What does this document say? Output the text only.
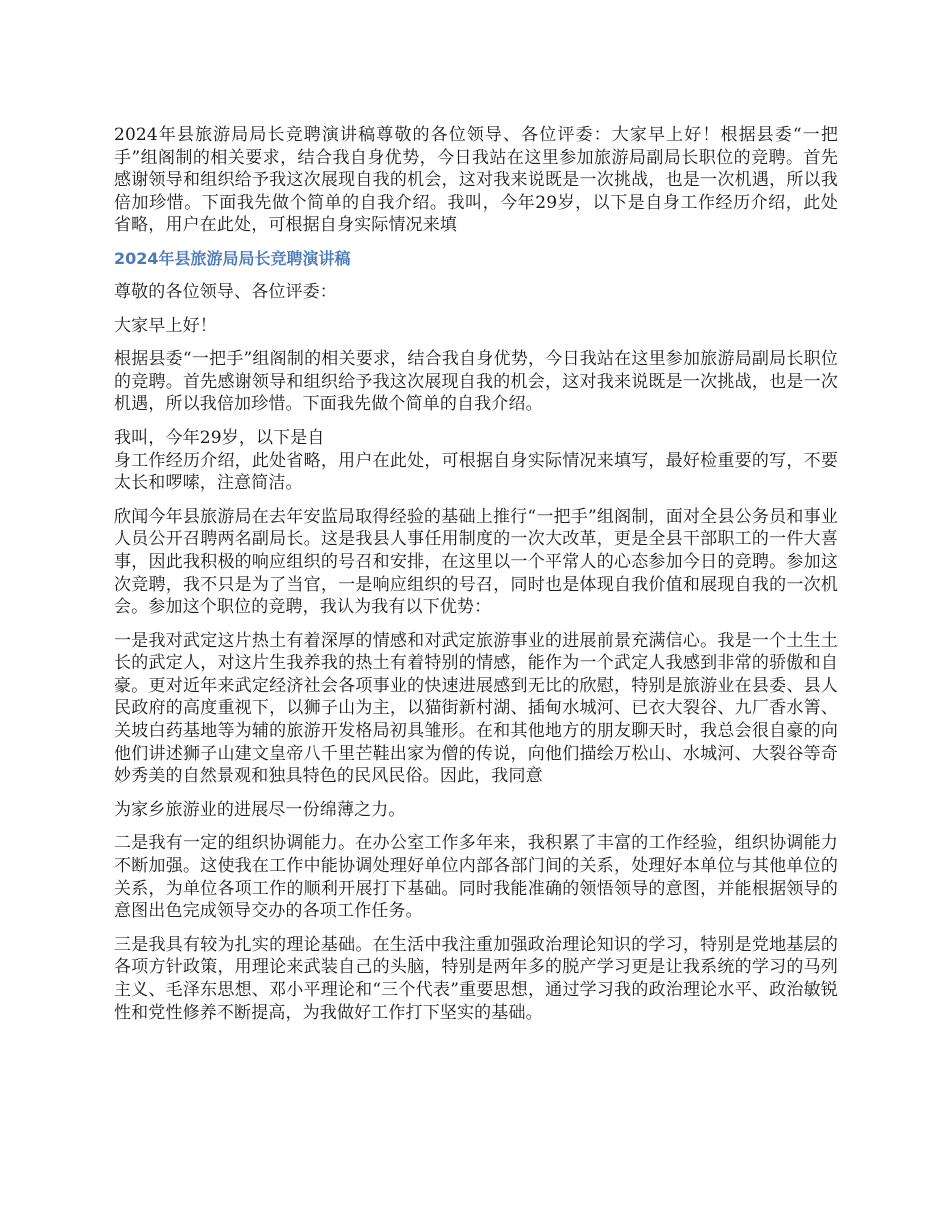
2024年县旅游局局长竞聘演讲稿尊敬的各位领导、各位评委：大家早上好！根据县委“一把手”组阁制的相关要求，结合我自身优势，今日我站在这里参加旅游局副局长职位的竞聘。首先感谢领导和组织给予我这次展现自我的机会，这对我来说既是一次挑战，也是一次机遇，所以我倍加珍惜。下面我先做个简单的自我介绍。我叫，今年29岁，以下是自身工作经历介绍，此处省略，用户在此处，可根据自身实际情况来填

2024年县旅游局局长竞聘演讲稿

尊敬的各位领导、各位评委：

大家早上好！

根据县委“一把手”组阁制的相关要求，结合我自身优势，今日我站在这里参加旅游局副局长职位的竞聘。首先感谢领导和组织给予我这次展现自我的机会，这对我来说既是一次挑战，也是一次机遇，所以我倍加珍惜。下面我先做个简单的自我介绍。

我叫，今年29岁，以下是自

身工作经历介绍，此处省略，用户在此处，可根据自身实际情况来填写，最好检重要的写，不要太长和啰嗦，注意简洁。

欣闻今年县旅游局在去年安监局取得经验的基础上推行“一把手”组阁制，面对全县公务员和事业人员公开召聘两名副局长。这是我县人事任用制度的一次大改革，更是全县干部职工的一件大喜事，因此我积极的响应组织的号召和安排，在这里以一个平常人的心态参加今日的竞聘。参加这次竞聘，我不只是为了当官，一是响应组织的号召，同时也是体现自我价值和展现自我的一次机会。参加这个职位的竞聘，我认为我有以下优势：

一是我对武定这片热土有着深厚的情感和对武定旅游事业的进展前景充满信心。我是一个土生土长的武定人，对这片生我养我的热土有着特别的情感，能作为一个武定人我感到非常的骄傲和自豪。更对近年来武定经济社会各项事业的快速进展感到无比的欣慰，特别是旅游业在县委、县人民政府的高度重视下，以狮子山为主，以猫街新村湖、插甸水城河、已衣大裂谷、九厂香水箐、关坡白药基地等为辅的旅游开发格局初具雏形。在和其他地方的朋友聊天时，我总会很自豪的向他们讲述狮子山建文皇帝八千里芒鞋出家为僧的传说，向他们描绘万松山、水城河、大裂谷等奇妙秀美的自然景观和独具特色的民风民俗。因此，我同意

为家乡旅游业的进展尽一份绵薄之力。

二是我有一定的组织协调能力。在办公室工作多年来，我积累了丰富的工作经验，组织协调能力不断加强。这使我在工作中能协调处理好单位内部各部门间的关系，处理好本单位与其他单位的关系，为单位各项工作的顺利开展打下基础。同时我能准确的领悟领导的意图，并能根据领导的意图出色完成领导交办的各项工作任务。

三是我具有较为扎实的理论基础。在生活中我注重加强政治理论知识的学习，特别是党地基层的各项方针政策，用理论来武装自己的头脑，特别是两年多的脱产学习更是让我系统的学习的马列主义、毛泽东思想、邓小平理论和“三个代表”重要思想，通过学习我的政治理论水平、政治敏锐性和党性修养不断提高，为我做好工作打下坚实的基础。
